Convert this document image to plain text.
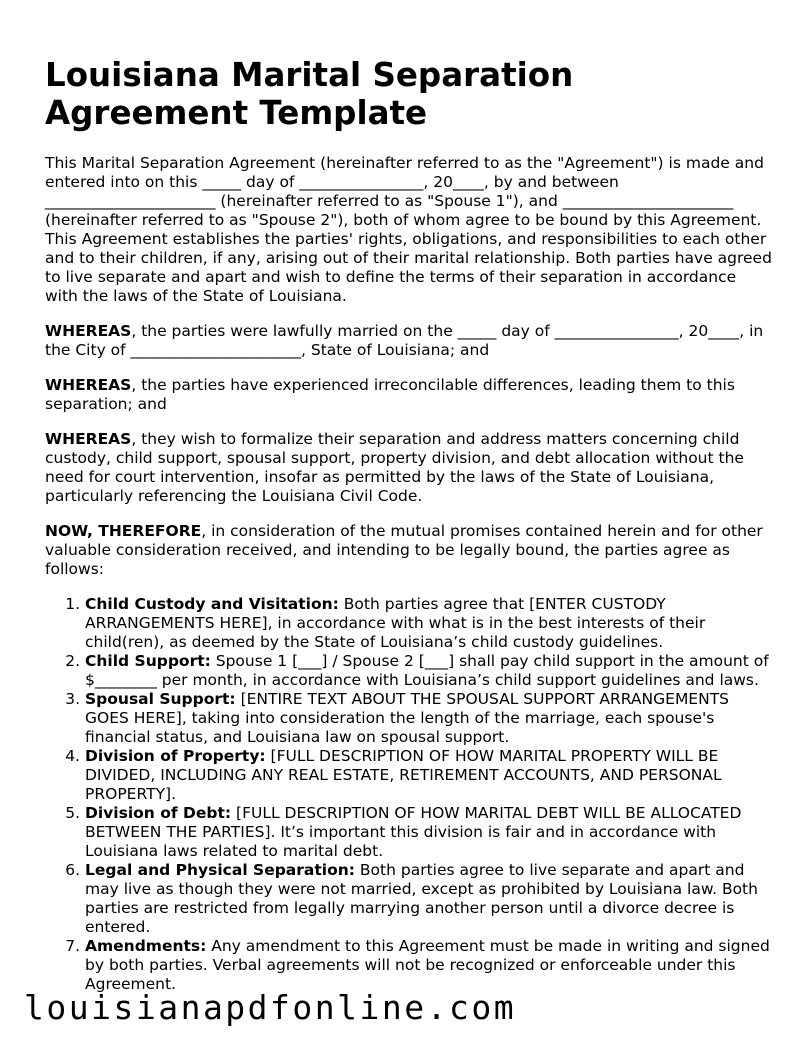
Louisiana Marital Separation Agreement Template

This Marital Separation Agreement (hereinafter referred to as the "Agreement") is made and entered into on this _____ day of ________________, 20____, by and between ______________________ (hereinafter referred to as "Spouse 1"), and ______________________ (hereinafter referred to as "Spouse 2"), both of whom agree to be bound by this Agreement. This Agreement establishes the parties' rights, obligations, and responsibilities to each other and to their children, if any, arising out of their marital relationship. Both parties have agreed to live separate and apart and wish to define the terms of their separation in accordance with the laws of the State of Louisiana.

WHEREAS, the parties were lawfully married on the _____ day of ________________, 20____, in the City of ______________________, State of Louisiana; and

WHEREAS, the parties have experienced irreconcilable differences, leading them to this separation; and

WHEREAS, they wish to formalize their separation and address matters concerning child custody, child support, spousal support, property division, and debt allocation without the need for court intervention, insofar as permitted by the laws of the State of Louisiana, particularly referencing the Louisiana Civil Code.

NOW, THEREFORE, in consideration of the mutual promises contained herein and for other valuable consideration received, and intending to be legally bound, the parties agree as follows:

1. Child Custody and Visitation: Both parties agree that [ENTER CUSTODY ARRANGEMENTS HERE], in accordance with what is in the best interests of their child(ren), as deemed by the State of Louisiana’s child custody guidelines.
2. Child Support: Spouse 1 [___] / Spouse 2 [___] shall pay child support in the amount of $________ per month, in accordance with Louisiana’s child support guidelines and laws.
3. Spousal Support: [ENTIRE TEXT ABOUT THE SPOUSAL SUPPORT ARRANGEMENTS GOES HERE], taking into consideration the length of the marriage, each spouse's financial status, and Louisiana law on spousal support.
4. Division of Property: [FULL DESCRIPTION OF HOW MARITAL PROPERTY WILL BE DIVIDED, INCLUDING ANY REAL ESTATE, RETIREMENT ACCOUNTS, AND PERSONAL PROPERTY].
5. Division of Debt: [FULL DESCRIPTION OF HOW MARITAL DEBT WILL BE ALLOCATED BETWEEN THE PARTIES]. It’s important this division is fair and in accordance with Louisiana laws related to marital debt.
6. Legal and Physical Separation: Both parties agree to live separate and apart and may live as though they were not married, except as prohibited by Louisiana law. Both parties are restricted from legally marrying another person until a divorce decree is entered.
7. Amendments: Any amendment to this Agreement must be made in writing and signed by both parties. Verbal agreements will not be recognized or enforceable under this Agreement.
louisianapdfonline.com
